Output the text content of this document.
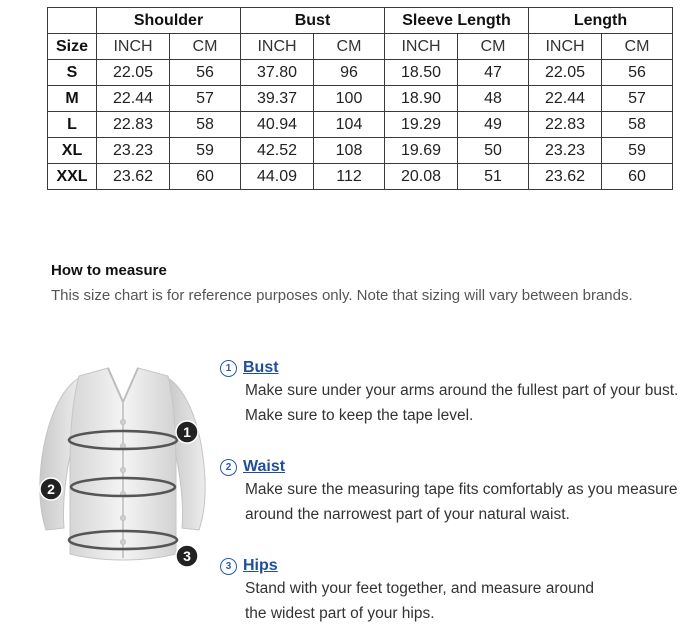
	Shoulder		Bust		Sleeve Length		Length	
Size	INCH	CM	INCH	CM	INCH	CM	INCH	CM
S	22.05	56	37.80	96	18.50	47	22.05	56
M	22.44	57	39.37	100	18.90	48	22.44	57
L	22.83	58	40.94	104	19.29	49	22.83	58
XL	23.23	59	42.52	108	19.69	50	23.23	59
XXL	23.62	60	44.09	112	20.08	51	23.62	60
How to measure
This size chart is for reference purposes only. Note that sizing will vary between brands.
1
2
3
1 Bust
Make sure under your arms around the fullest part of your bust.
Make sure to keep the tape level.
2 Waist
Make sure the measuring tape fits comfortably as you measure
around the narrowest part of your natural waist.
3 Hips
Stand with your feet together, and measure around
the widest part of your hips.
